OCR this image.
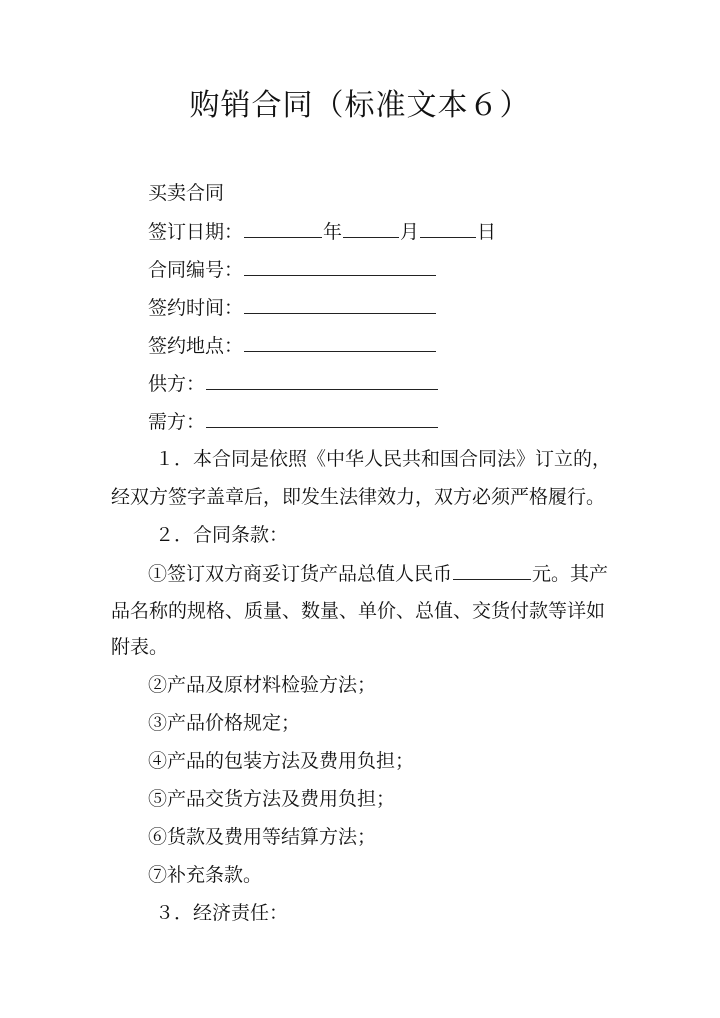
购销合同（标准文本６）
买卖合同
签订日期：	年	月	日
合同编号：
签约时间：
签约地点：
供方：
需方：
１．本合同是依照《中华人民共和国合同法》订立的，
经双方签字盖章后，即发生法律效力，双方必须严格履行。
２．合同条款：
①签订双方商妥订货产品总值人民币	元。其产
品名称的规格、质量、数量、单价、总值、交货付款等详如
附表。
②产品及原材料检验方法；
③产品价格规定；
④产品的包装方法及费用负担；
⑤产品交货方法及费用负担；
⑥货款及费用等结算方法；
⑦补充条款。
３．经济责任：
